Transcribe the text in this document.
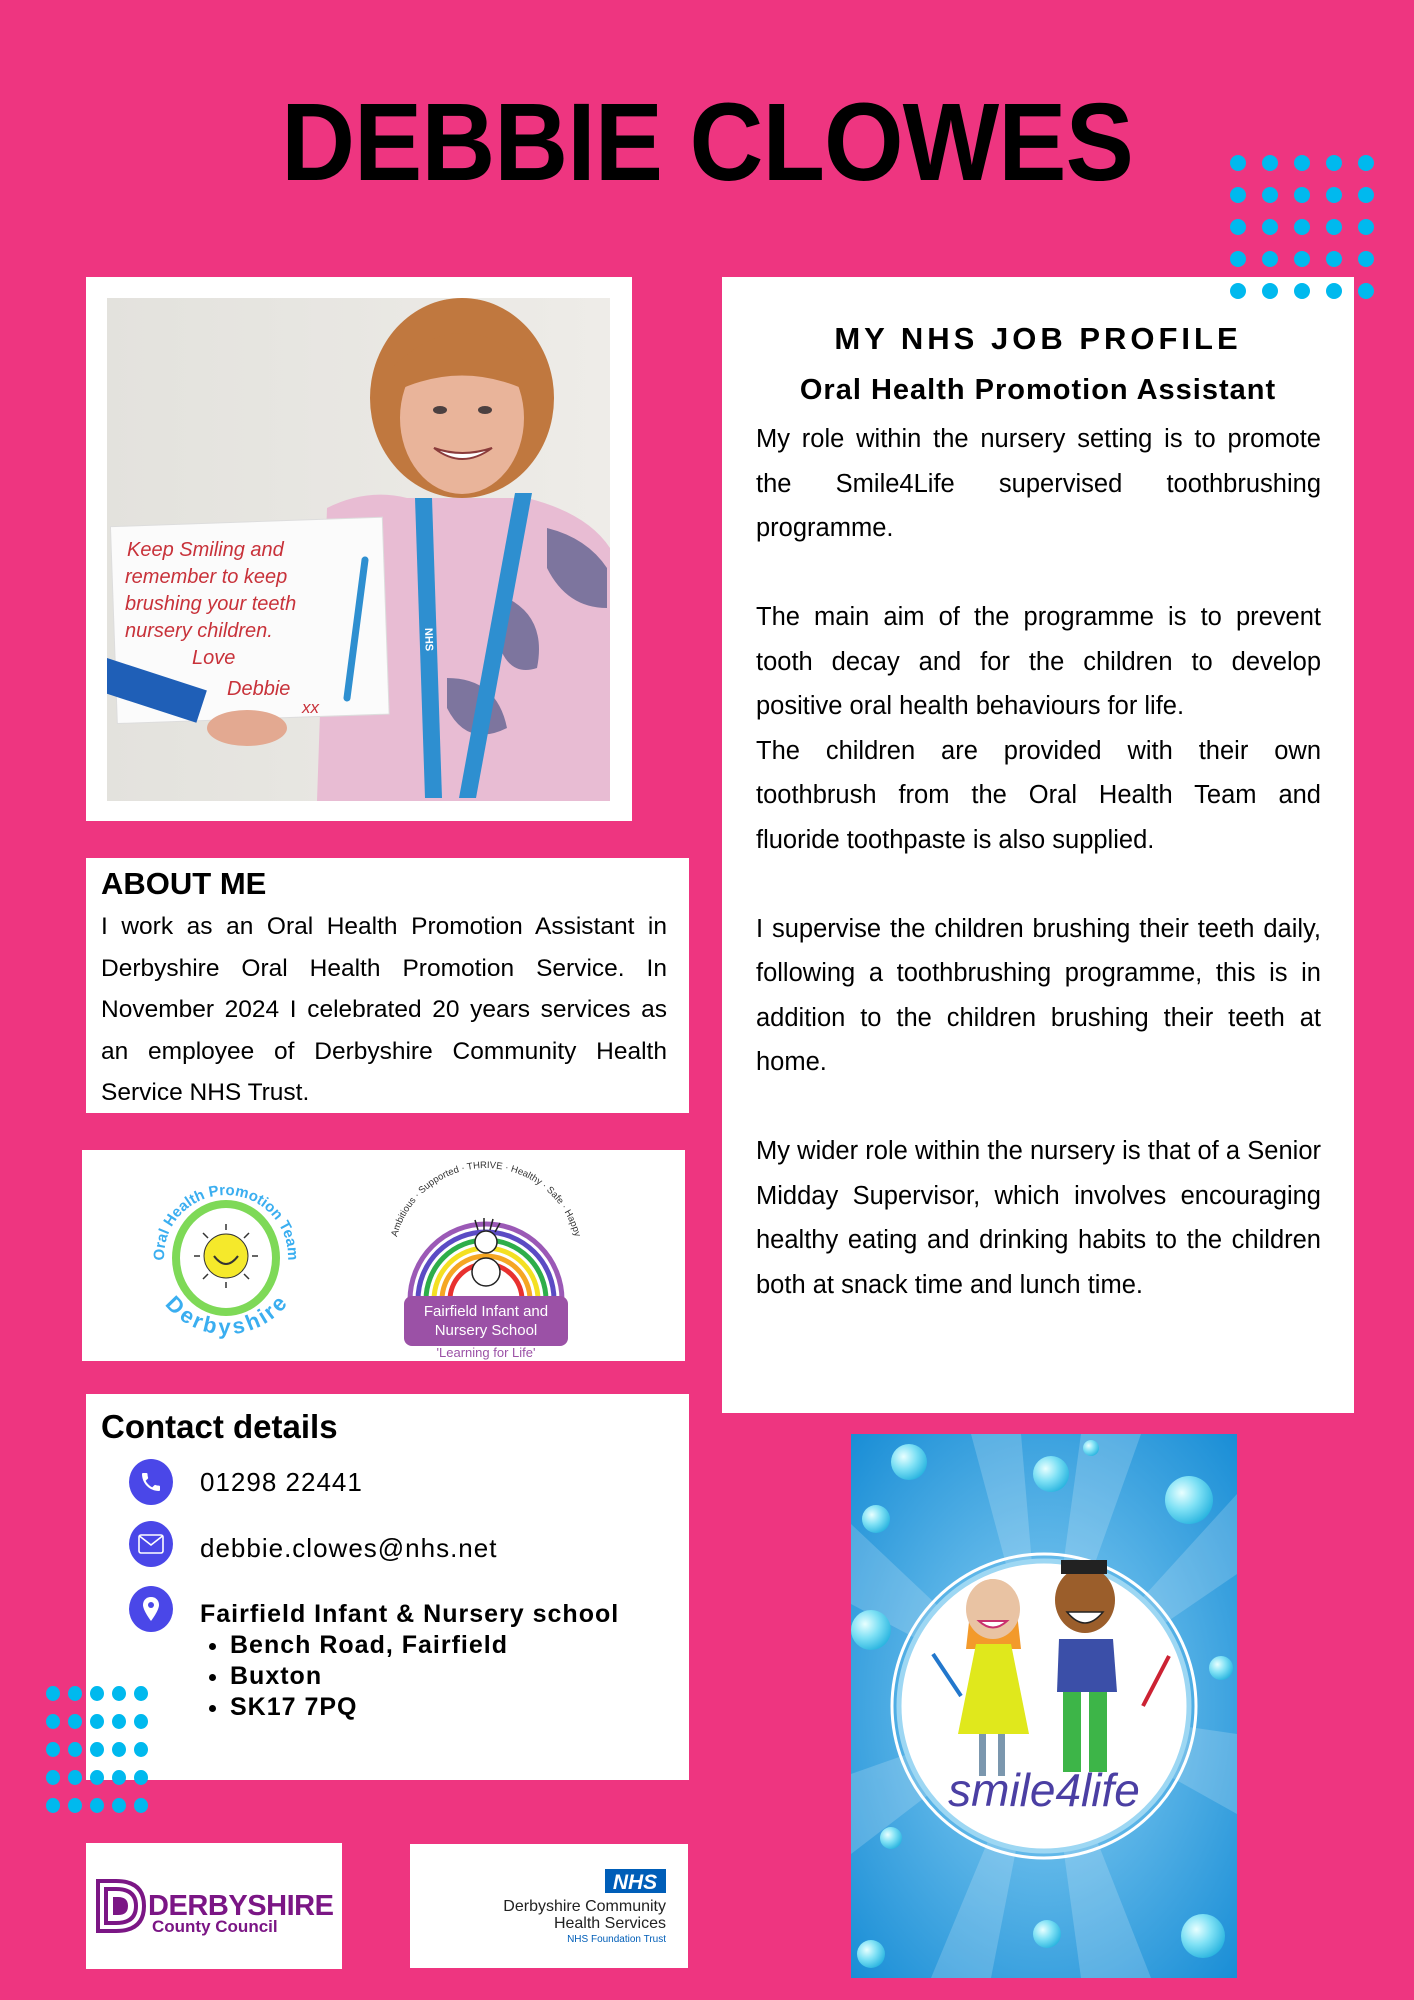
DEBBIE CLOWES
NHS
Keep Smiling and
remember to keep
brushing your teeth
nursery children.
Love
Debbie
xx
ABOUT ME

I work as an Oral Health Promotion Assistant in Derbyshire Oral Health Promotion Service. In November 2024 I celebrated 20 years services as an employee of Derbyshire Community Health Service NHS Trust.

Oral Health Promotion Team
Derbyshire	Fairfield Infant and
Nursery School
'Learning for Life'
Ambitious · Supported · THRIVE · Healthy · Safe · Happy
Contact details
01298 22441
debbie.clowes@nhs.net
Fairfield Infant & Nursery school
• Bench Road, Fairfield
• Buxton
• SK17 7PQ
MY NHS JOB PROFILE
Oral Health Promotion Assistant

My role within the nursery setting is to promote the Smile4Life supervised toothbrushing programme.

The main aim of the programme is to prevent tooth decay and for the children to develop positive oral health behaviours for life.

The children are provided with their own toothbrush from the Oral Health Team and fluoride toothpaste is also supplied.

I supervise the children brushing their teeth daily, following a toothbrushing programme, this is in addition to the children brushing their teeth at home.

My wider role within the nursery is that of a Senior Midday Supervisor, which involves encouraging healthy eating and drinking habits to the children both at snack time and lunch time.

smile4life
DERBYSHIRE
County Council
NHS
Derbyshire Community
Health Services
NHS Foundation Trust
